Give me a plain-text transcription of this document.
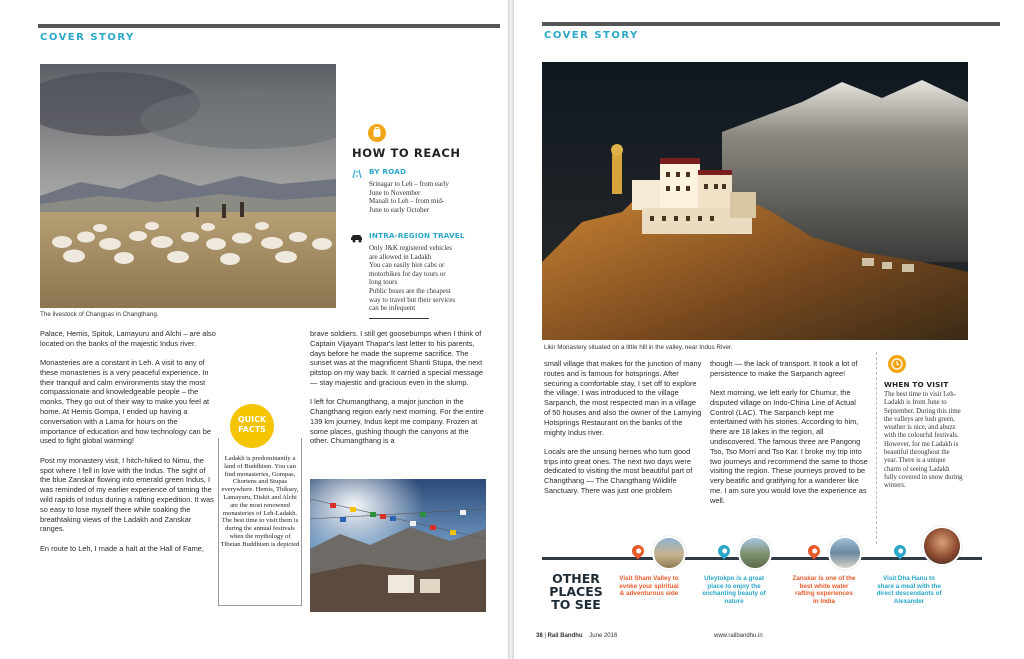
COVER STORY
The livestock of Changpas in Changthang.
HOW TO REACH
BY ROAD
Srinagar to Leh – from early
June to November
Manali to Leh – from mid-
June to early October
INTRA-REGION TRAVEL
Only J&K registered vehicles
are allowed in Ladakh
You can easily hire cabs or
motorbikes for day tours or
long tours
Public buses are the cheapest
way to travel but their services
can be infequent

Palace, Hemis, Spituk, Lamayuru and Alchi – are also located on the banks of the majestic Indus river.

Monasteries are a constant in Leh. A visit to any of these monasteries is a very peaceful experience. In their tranquil and calm environments stay the most compassionate and knowledgeable people – the monks. They go out of their way to make you feel at home. At Hemis Gompa, I ended up having a conversation with a Lama for hours on the importance of education and how technology can be used to fight global warming!

Post my monastery visit, I hitch-hiked to Nimu, the spot where I fell in love with the Indus. The sight of the blue Zanskar flowing into emerald green Indus, I was reminded of my earlier experience of taming the wild rapids of Indus during a rafting expedition. It was so easy to lose myself there while soaking the breathtaking views of the Ladakh and Zanskar ranges.

En route to Leh, I made a halt at the Hall of Fame,

QUICK
FACTS
Ladakh is predominantly a land of Buddhism. You can find monasteries, Gompas, Chortens and Stupas everywhere. Hemis, Thiksey, Lamayuru, Diskit and Alchi are the most renowned monasteries of Leh-Ladakh. The best time to visit them is during the annual festivals when the mythology of Tibetan Buddhism is depicted

brave soldiers. I still get goosebumps when I think of Captain Vijayant Thapar's last letter to his parents, days before he made the supreme sacrifice. The sunset was at the magnificent Shanti Stupa, the next pitstop on my way back. It carried a special message — stay majestic and gracious even in the slump.

I left for Chumangthang, a major junction in the Changthang region early next morning. For the entire 139 km journey, Indus kept me company. Frozen at some places, gushing though the canyons at the other. Chumangthang is a

COVER STORY
Likir Monastery situated on a little hill in the valley, near Indus River.

small village that makes for the junction of many routes and is famous for hotsprings. After securing a comfortable stay, I set off to explore the village. I was introduced to the village Sarpanch, the most respected man in a village of 50 houses and also the owner of the Lamying Hotsprings Restaurant on the banks of the mighty Indus river.

Locals are the unsung heroes who turn good trips into great ones. The next two days were dedicated to visiting the most beautiful part of Changthang — The Changthang Wildlife Sanctuary. There was just one problem

though — the lack of transport. It took a lot of persistence to make the Sarpanch agree!

Next morning, we left early for Chumur, the disputed village on Indo-China Line of Actual Control (LAC). The Sarpanch kept me entertained with his stories. According to him, there are 18 lakes in the region, all undiscovered. The famous three are Pangong Tso, Tso Morri and Tso Kar. I broke my trip into two journeys and recommend the same to those visiting the region. These journeys proved to be very beatific and gratifying for a wanderer like me. I am sure you would love the experience as well.

WHEN TO VISIT
The best time to visit Leh-Ladakh is from June to September. During this time the valleys are lush green, weather is nice, and abuzz with the colourful festivals. However, for me Ladakh is beautiful throughout the year. There is a unique charm of seeing Ladakh fully covered in snow during winters.
OTHER
PLACES
TO SEE
Visit Sham Valley to evoke your spiritual & adventurous side
Uleytokpo is a great place to enjoy the enchanting beauty of nature
Zanskar is one of the best white water rafting experiences in India
Visit Dha Hanu to share a meal with the direct descendants of Alexander
38 | Rail Bandhu June 2016	www.railbandhu.in
